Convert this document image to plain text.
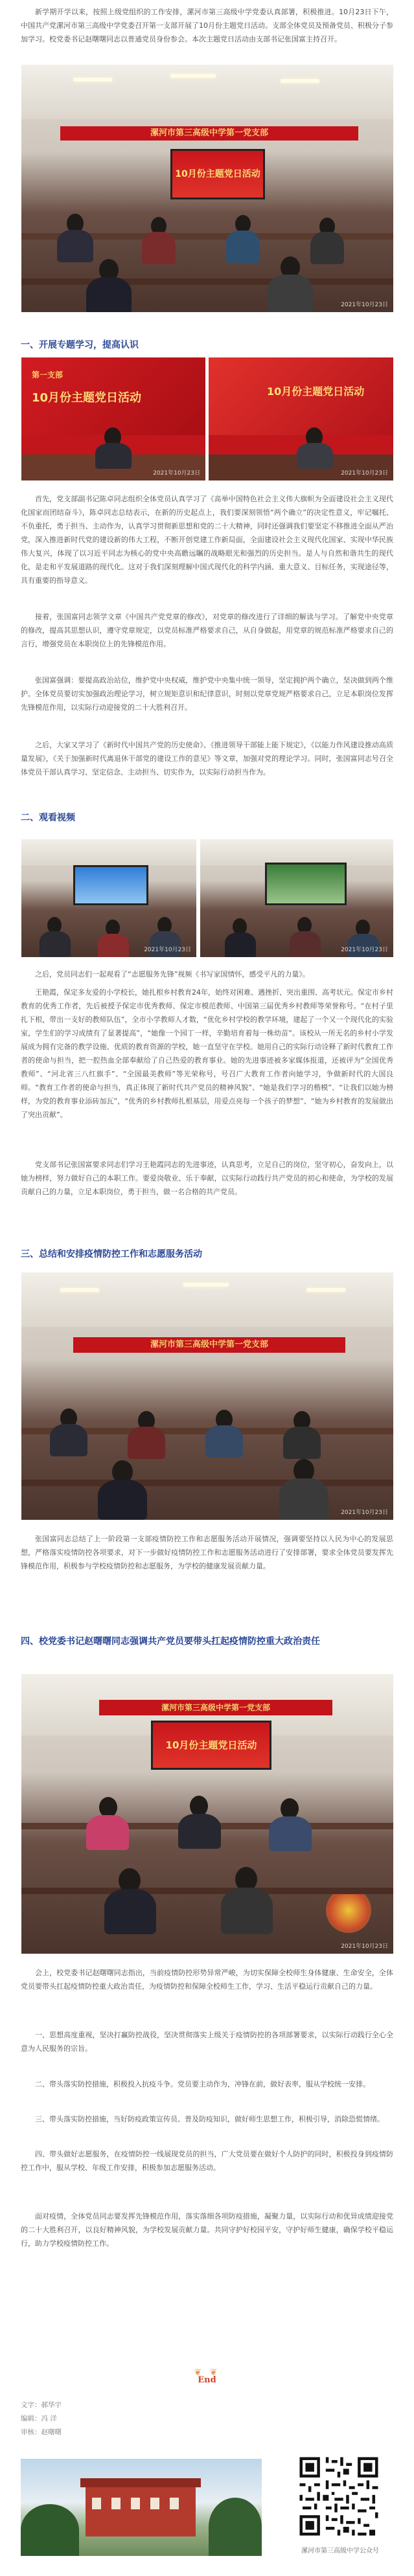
新学期开学以来，按照上级党组织的工作安排，漯河市第三高级中学党委认真部署，积极推进。10月23日下午，中国共产党漯河市第三高级中学党委召开第一支部开展了10月份主题党日活动。支部全体党员及预备党员、积极分子参加学习。校党委书记赵曙曙同志以普通党员身份参会。本次主题党日活动由支部书记张国富主持召开。

漯河市第三高级中学第一党支部
10月份主题党日活动
2021年10月23日

一、开展专题学习，提高认识

第一支部
10月份主题党日活动
2021年10月23日
10月份主题党日活动
2021年10月23日

首先，党支部副书记陈卓同志组织全体党员认真学习了《高举中国特色社会主义伟大旗帜为全面建设社会主义现代化国家而团结奋斗》，陈卓同志总结表示，在新的历史起点上，我们要深刻领悟“两个确立”的决定性意义，牢记嘱托、不负重托，勇于担当、主动作为，认真学习贯彻新思想和党的二十大精神，同时还强调我们要坚定不移推进全面从严治党，深入推进新时代党的建设新的伟大工程，不断开创党建工作新局面，全面建设社会主义现代化国家、实现中华民族伟大复兴，体现了以习近平同志为核心的党中央高瞻远瞩的战略眼光和强烈的历史担当。是人与自然和谐共生的现代化，是走和平发展道路的现代化。这对于我们深刻理解中国式现代化的科学内涵、重大意义、目标任务，实现途径等，具有重要的指导意义。

接着，张国富同志领学文章《中国共产党党章的修改》，对党章的修改进行了详细的解读与学习。了解党中央党章的修改，提高其思想认识，遵守党章规定，以党员标准严格要求自己，从自身做起，用党章的规范标准严格要求自己的言行，增强党员在本职岗位上的先锋模范作用。

张国富强调：要提高政治站位，维护党中央权威，维护党中央集中统一领导，坚定拥护两个确立，坚决做到两个维护。全体党员要切实加强政治理论学习，树立规矩意识和纪律意识，时刻以党章党规严格要求自己，立足本职岗位发挥先锋模范作用，以实际行动迎接党的二十大胜利召开。

之后，大家又学习了《新时代中国共产党的历史使命》、《推进领导干部能上能下规定》，《以能力作风建设推动高质量发展》，《关于加强新时代离退休干部党的建设工作的意见》等文章，加强对党的理论学习。同时，张国富同志号召全体党员干部认真学习、坚定信念、主动担当、切实作为，以实际行动担当作为。

二、观看视频

2021年10月23日	2021年10月23日

之后，党员同志们一起观看了“志愿服务先锋”视频《书写家国情怀，感受平凡的力量》。

王艳霞，保定多友爱的小学校长，她扎根乡村教育24年，始终对困难、遇挫折、突出重围、高考状元。保定市乡村教育的优秀工作者，先后被授予保定市优秀教师、保定市模范教师、中国第三届优秀乡村教师等荣誉称号。“在村子里扎下根，带出一支好的教师队伍”，全市小学教师人才数，“优化乡村学校的教学环境，建起了一个又一个现代化的实验室，学生们的学习成绩有了显著提高”，“她像一个园丁一样，辛勤培育着每一株幼苗”。该校从一所无名的乡村小学发展成为拥有完备的教学设施、优质的教育资源的学校，她一直坚守在学校。她用自己的实际行动诠释了新时代教育工作者的使命与担当，把一腔热血全部奉献给了自己热爱的教育事业。她的先进事迹被多家媒体报道，还被评为“全国优秀教师”、“河北省三八红旗手”、“全国最美教师”等光荣称号，号召广大教育工作者向她学习，争做新时代的大国良师。“教育工作者的使命与担当，真正体现了新时代共产党员的精神风貌”、“她是我们学习的楷模”、“让我们以她为榜样，为党的教育事业添砖加瓦”，“优秀的乡村教师扎根基层，用爱点亮每一个孩子的梦想”、“她为乡村教育的发展做出了突出贡献”。

党支部书记张国富要求同志们学习王艳霞同志的先进事迹，认真思考，立足自己的岗位，坚守初心，奋发向上，以她为榜样，努力做好自己的本职工作。要爱岗敬业、乐于奉献，以实际行动践行共产党员的初心和使命，为学校的发展贡献自己的力量，立足本职岗位，勇于担当，做一名合格的共产党员。

三、总结和安排疫情防控工作和志愿服务活动

漯河市第三高级中学第一党支部
2021年10月23日

张国富同志总结了上一阶段第一支部疫情防控工作和志愿服务活动开展情况，强调要坚持以人民为中心的发展思想，严格落实疫情防控各项要求，对下一步做好疫情防控工作和志愿服务活动进行了安排部署，要求全体党员要发挥先锋模范作用，积极参与学校疫情防控和志愿服务，为学校的健康发展贡献力量。

四、校党委书记赵曙曙同志强调共产党员要带头扛起疫情防控重大政治责任

漯河市第三高级中学第一党支部
10月份主题党日活动
2021年10月23日

会上，校党委书记赵曙曙同志指出，当前疫情防控形势异常严峻，为切实保障全校师生身体健康、生命安全，全体党员要带头扛起疫情防控重大政治责任，为疫情防控和保障全校师生工作，学习、生活平稳运行贡献自己的力量。

一、思想高度重视，坚决打赢防控战役，坚决贯彻落实上级关于疫情防控的各项部署要求，以实际行动践行全心全意为人民服务的宗旨。

二、带头落实防控措施，积极投入抗疫斗争。党员要主动作为，冲锋在前，做好表率，服从学校统一安排。

三、带头落实防控措施，当好防疫政策宣传员、普及防疫知识，做好师生思想工作，积极引导，消除恐慌情绪。

四、带头做好志愿服务，在疫情防控一线展现党员的担当，广大党员要在做好个人防护的同时，积极投身到疫情防控工作中，服从学校、年级工作安排，积极参加志愿服务活动。

面对疫情，全体党员同志要发挥先锋模范作用，落实落细各项防疫措施，凝聚力量，以实际行动和优异成绩迎接党的二十大胜利召开，以良好精神风貌，为学校发展贡献力量。共同守护好校园平安，守护好师生健康，确保学校平稳运行，助力学校疫情防控工作。

❦ ❦
End
文字：郝华宇
编辑：冯 洋
审核：赵曙曙
漯河市第三高级中学公众号
